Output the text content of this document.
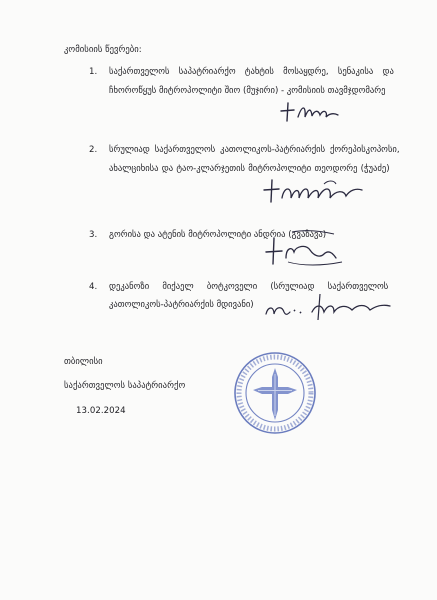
კომისიის წევრები:
1. საქართველოს საპატრიარქო ტახტის მოსაყდრე, სენაკისა და
ჩხოროწყუს მიტროპოლიტი შიო (მუჯირი) - კომისიის თავმჯდომარე
2. სრულიად საქართველოს კათოლიკოს-პატრიარქის ქორეპისკოპოსი,
ახალციხისა და ტაო-კლარჯეთის მიტროპოლიტი თეოდორე (ჭუაძე)
3. გორისა და ატენის მიტროპოლიტი ანდრია (გვაზავა)
4. დეკანოზი მიქაელ ბოტკოველი (სრულიად საქართველოს
კათოლიკოს-პატრიარქის მდივანი)
თბილისი
საქართველოს საპატრიარქო
13.02.2024
